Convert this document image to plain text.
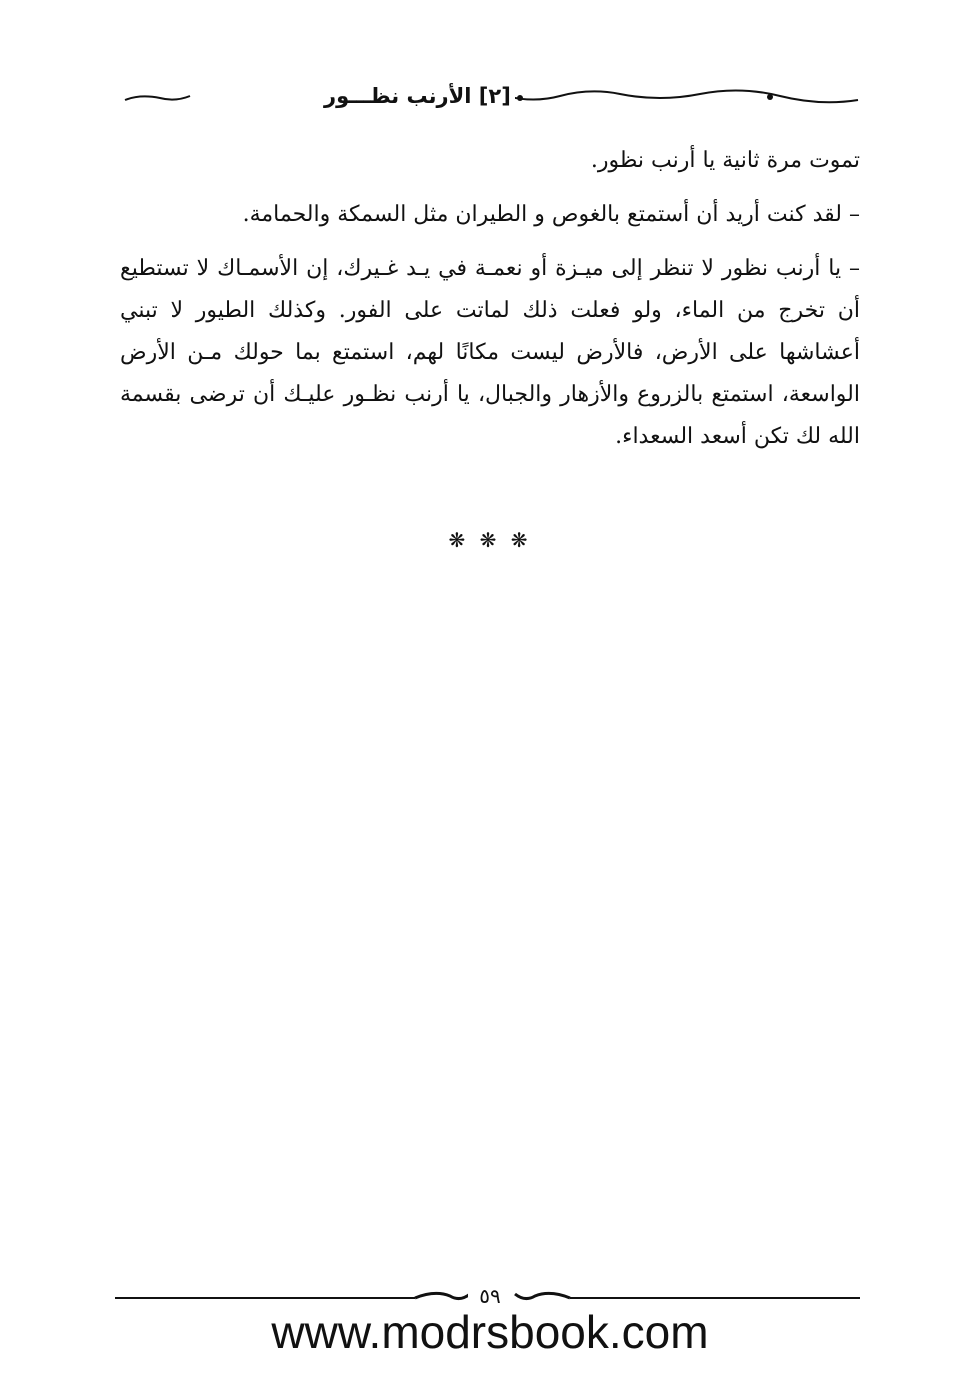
[٢] الأرنب نظـــور

تموت مرة ثانية يا أرنب نظور.

– لقد كنت أريد أن أستمتع بالغوص و الطيران مثل السمكة والحمامة.

– يا أرنب نظور لا تنظر إلى ميـزة أو نعمـة في يـد غـيرك، إن الأسمـاك لا تستطيع أن تخرج من الماء، ولو فعلت ذلك لماتت على الفور. وكذلك الطيور لا تبني أعشاشها على الأرض، فالأرض ليست مكانًا لهم، استمتع بما حولك مـن الأرض الواسعة، استمتع بالزروع والأزهار والجبال، يا أرنب نظـور عليـك أن ترضى بقسمة الله لك تكن أسعد السعداء.

❋ ❋ ❋
٥٩
www.modrsbook.com
